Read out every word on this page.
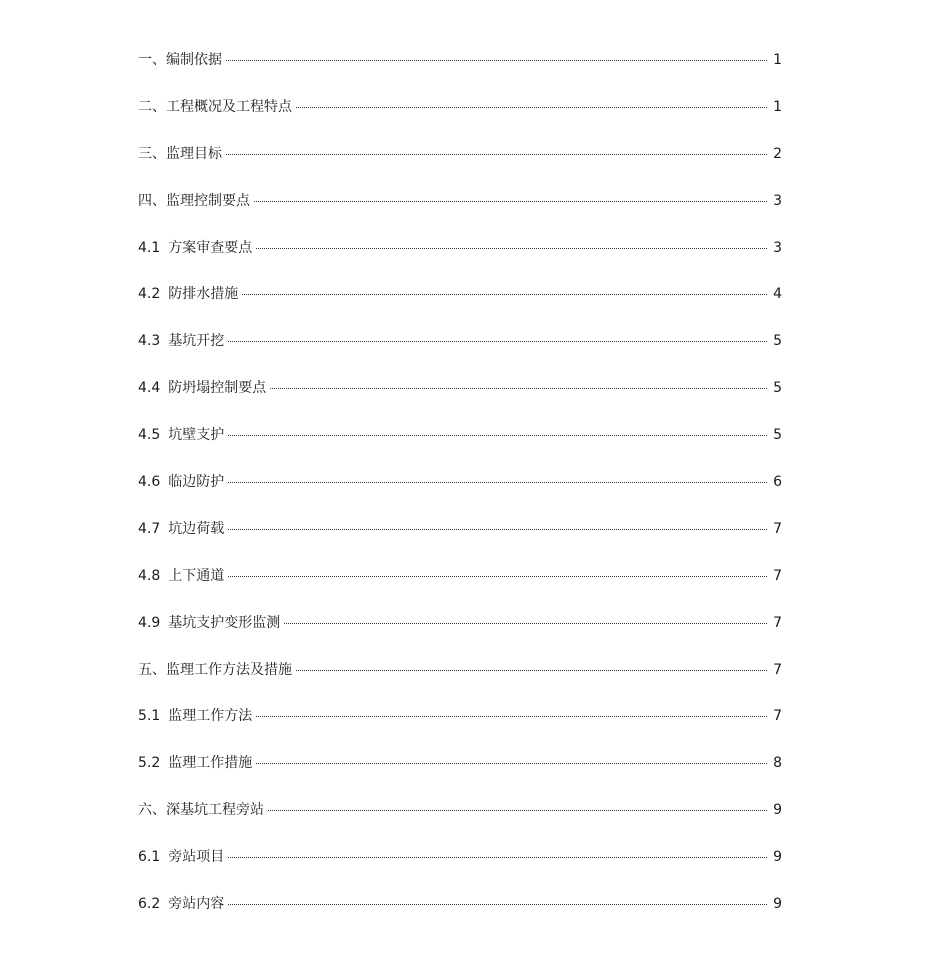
一、编制依据	1
二、工程概况及工程特点	1
三、监理目标	2
四、监理控制要点	3
4.1 方案审查要点	3
4.2 防排水措施	4
4.3 基坑开挖	5
4.4 防坍塌控制要点	5
4.5 坑壁支护	5
4.6 临边防护	6
4.7 坑边荷载	7
4.8 上下通道	7
4.9 基坑支护变形监测	7
五、监理工作方法及措施	7
5.1 监理工作方法	7
5.2 监理工作措施	8
六、深基坑工程旁站	9
6.1 旁站项目	9
6.2 旁站内容	9
